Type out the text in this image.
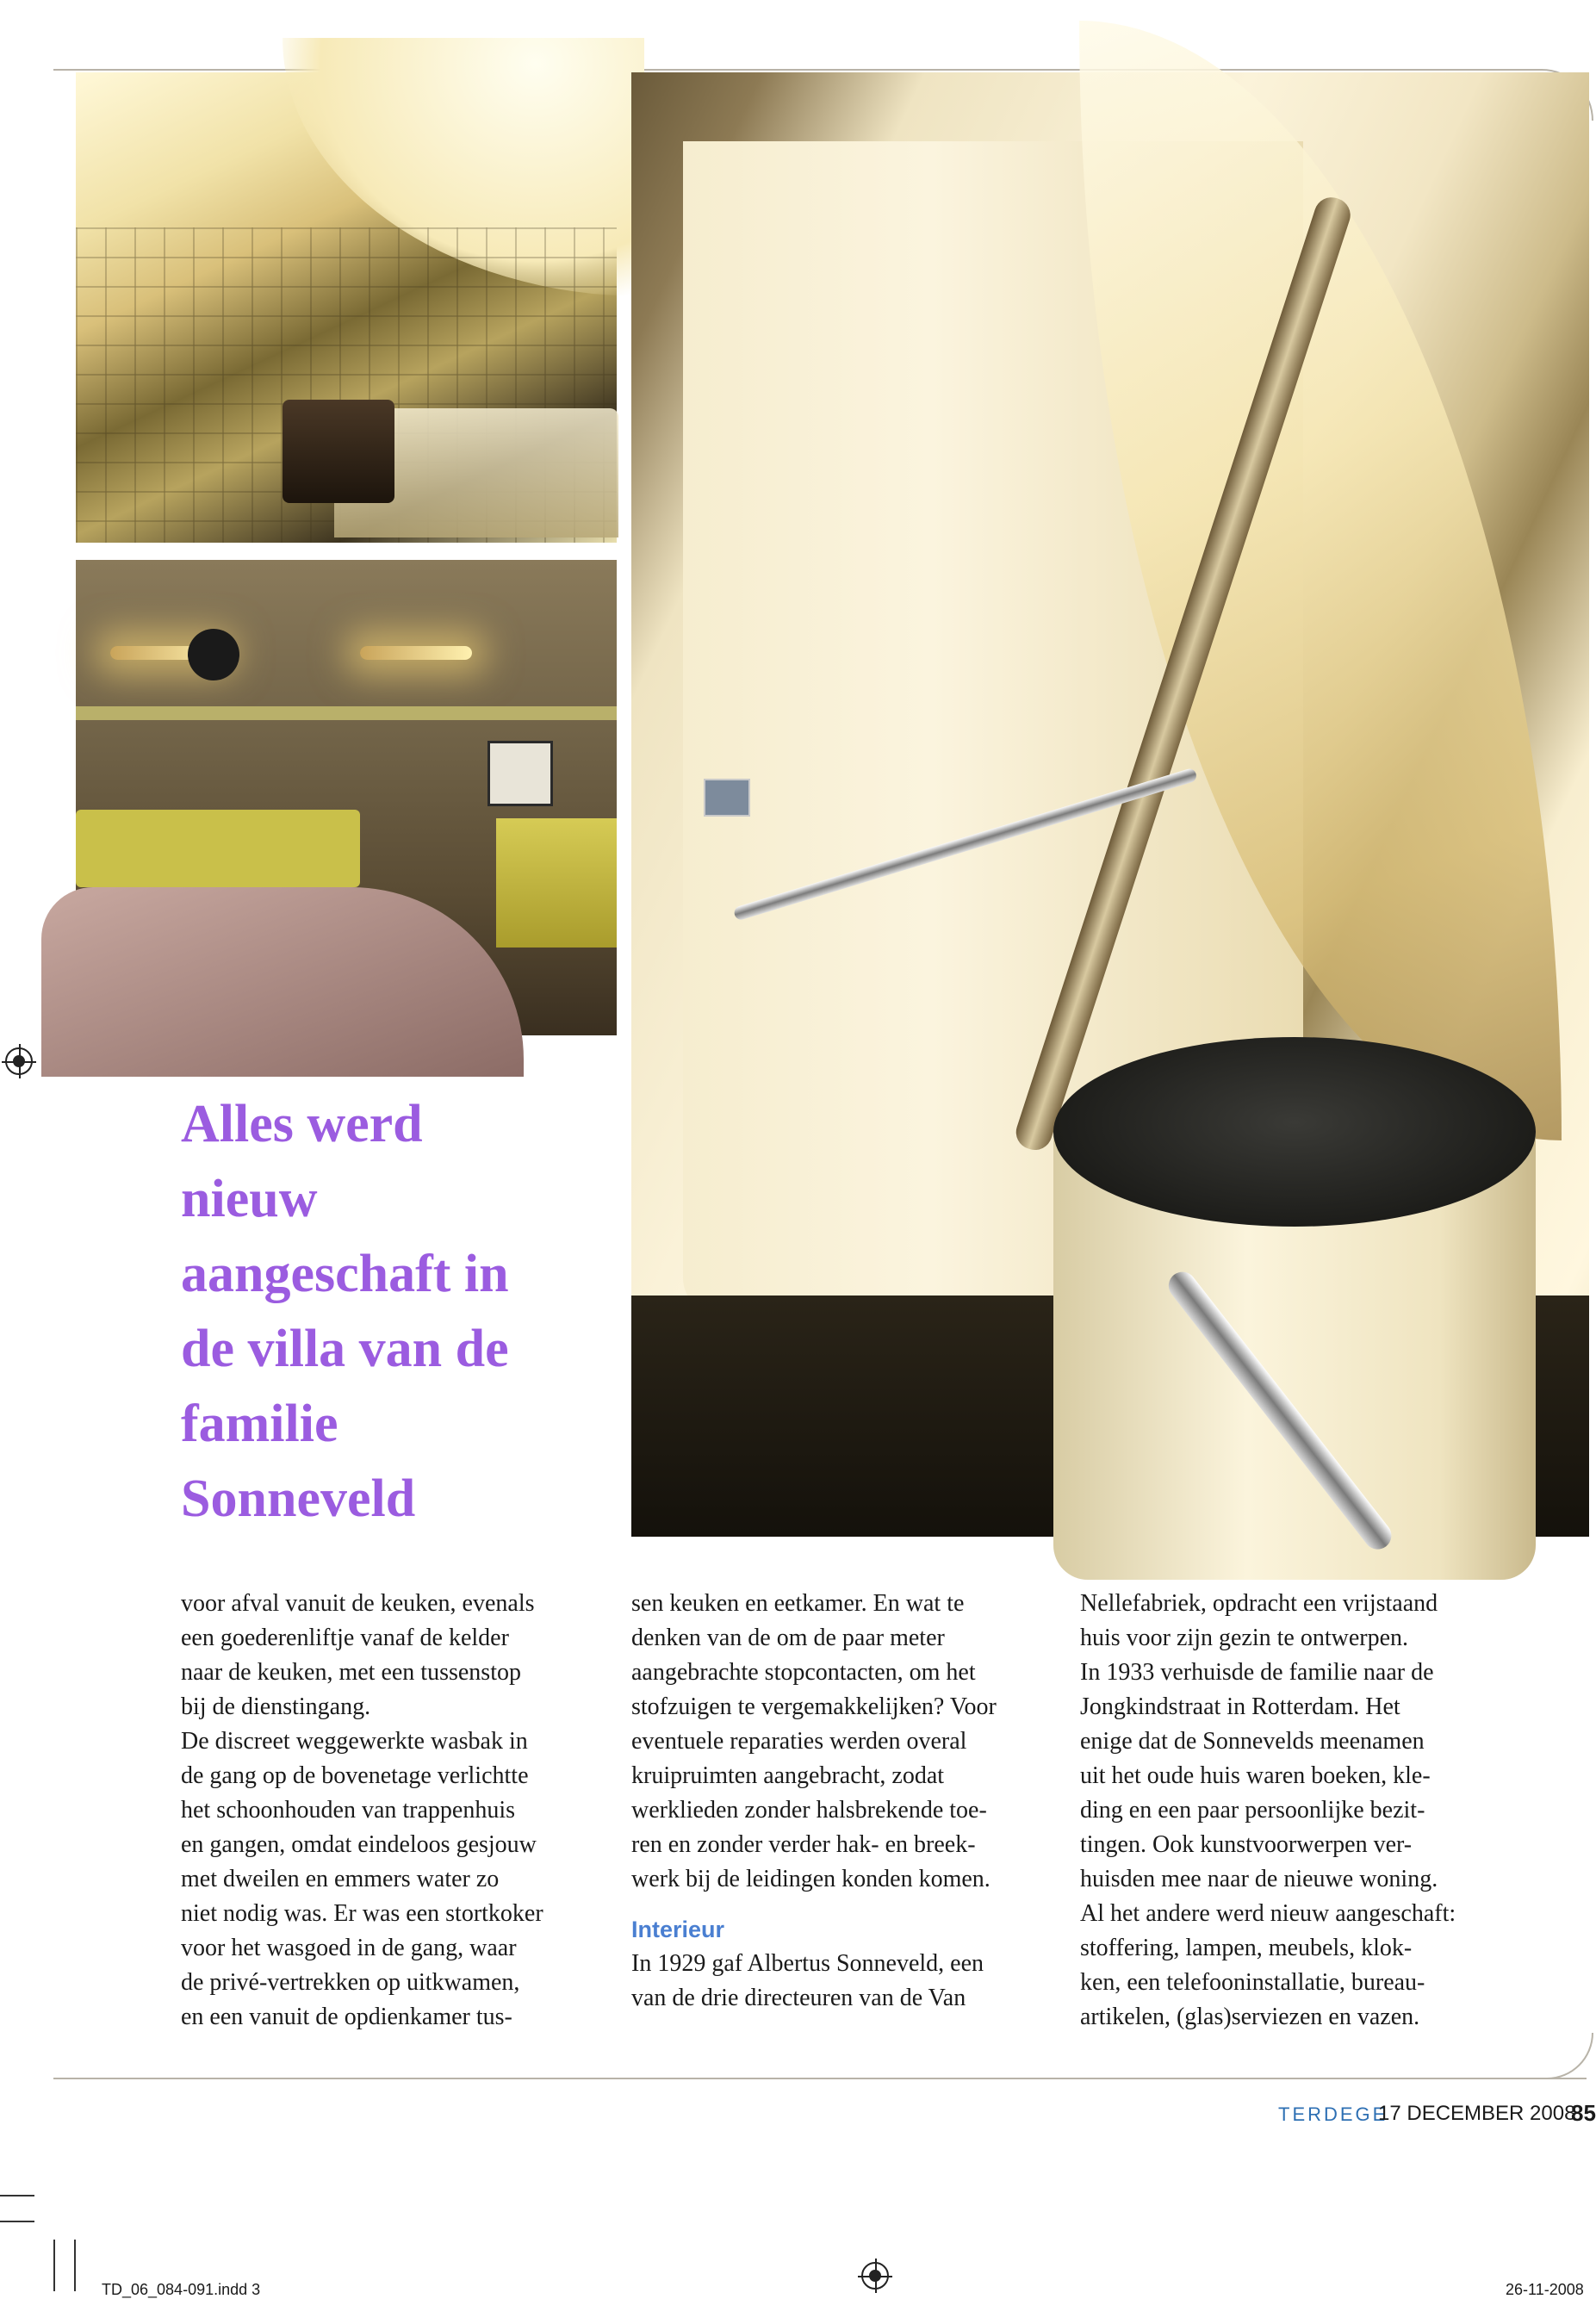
Alles werd
nieuw
aangeschaft in
de villa van de
familie
Sonneveld
voor afval vanuit de keuken, evenals
een goederenliftje vanaf de kelder
naar de keuken, met een tussenstop
bij de dienstingang.
De discreet weggewerkte wasbak in
de gang op de bovenetage verlichtte
het schoonhouden van trappenhuis
en gangen, omdat eindeloos gesjouw
met dweilen en emmers water zo
niet nodig was. Er was een stortkoker
voor het wasgoed in de gang, waar
de privé-vertrekken op uitkwamen,
en een vanuit de opdienkamer tus-
sen keuken en eetkamer. En wat te
denken van de om de paar meter
aangebrachte stopcontacten, om het
stofzuigen te vergemakkelijken? Voor
eventuele reparaties werden overal
kruipruimten aangebracht, zodat
werklieden zonder halsbrekende toe-
ren en zonder verder hak- en breek-
werk bij de leidingen konden komen.
Interieur
In 1929 gaf Albertus Sonneveld, een
van de drie directeuren van de Van
Nellefabriek, opdracht een vrijstaand
huis voor zijn gezin te ontwerpen.
In 1933 verhuisde de familie naar de
Jongkindstraat in Rotterdam. Het
enige dat de Sonnevelds meenamen
uit het oude huis waren boeken, kle-
ding en een paar persoonlijke bezit-
tingen. Ook kunstvoorwerpen ver-
huisden mee naar de nieuwe woning.
Al het andere werd nieuw aangeschaft:
stoffering, lampen, meubels, klok-
ken, een telefooninstallatie, bureau-
artikelen, (glas)serviezen en vazen.
TERDEGE
17 DECEMBER 2008
85
TD_06_084-091.indd 3	26-11-2008
